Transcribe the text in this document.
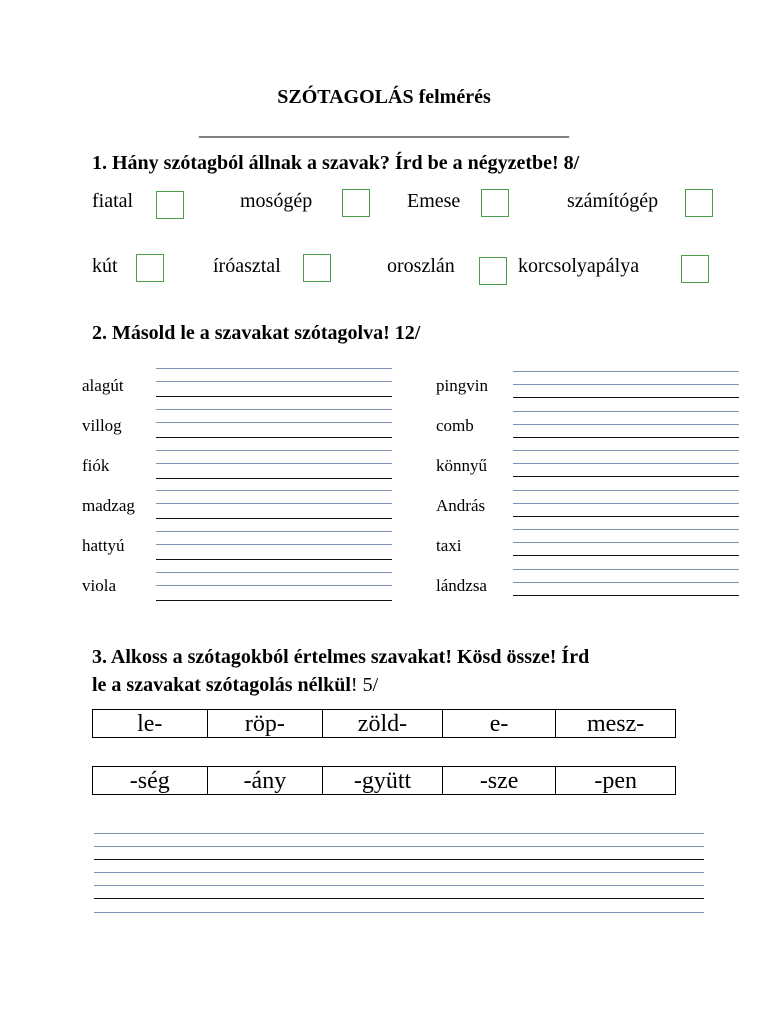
SZÓTAGOLÁS felmérés
_____________________________________
1. Hány szótagból állnak a szavak? Írd be a négyzetbe! 8/
fiatal	mosógép	Emese	számítógép
kút	íróasztal	oroszlán	korcsolyapálya
2. Másold le a szavakat szótagolva! 12/
alagút
villog
fiók
madzag
hattyú
viola
pingvin
comb
könnyű
András
taxi
lándzsa
3. Alkoss a szótagokból értelmes szavakat! Kösd össze! Írd
le a szavakat szótagolás nélkül! 5/
le-	röp-	zöld-	e-	mesz-
-ség	-ány	-gyütt	-sze	-pen
